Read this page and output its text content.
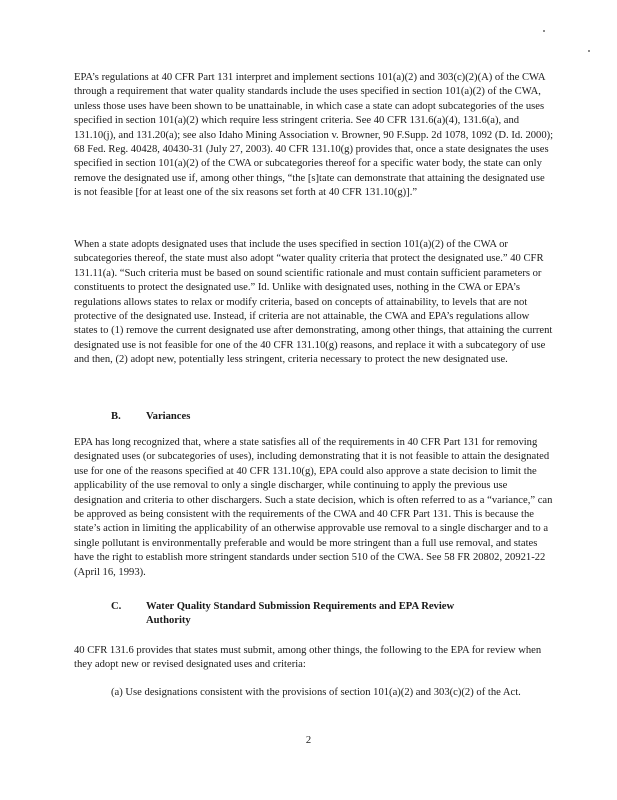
EPA’s regulations at 40 CFR Part 131 interpret and implement sections 101(a)(2) and 303(c)(2)(A) of the CWA through a requirement that water quality standards include the uses specified in section 101(a)(2) of the CWA, unless those uses have been shown to be unattainable, in which case a state can adopt subcategories of the uses specified in section 101(a)(2) which require less stringent criteria. See 40 CFR 131.6(a)(4), 131.6(a), and 131.10(j), and 131.20(a); see also Idaho Mining Association v. Browner, 90 F.Supp. 2d 1078, 1092 (D. Id. 2000); 68 Fed. Reg. 40428, 40430-31 (July 27, 2003). 40 CFR 131.10(g) provides that, once a state designates the uses specified in section 101(a)(2) of the CWA or subcategories thereof for a specific water body, the state can only remove the designated use if, among other things, “the [s]tate can demonstrate that attaining the designated use is not feasible [for at least one of the six reasons set forth at 40 CFR 131.10(g)].”

When a state adopts designated uses that include the uses specified in section 101(a)(2) of the CWA or subcategories thereof, the state must also adopt “water quality criteria that protect the designated use.” 40 CFR 131.11(a). “Such criteria must be based on sound scientific rationale and must contain sufficient parameters or constituents to protect the designated use.” Id. Unlike with designated uses, nothing in the CWA or EPA’s regulations allows states to relax or modify criteria, based on concepts of attainability, to levels that are not protective of the designated use. Instead, if criteria are not attainable, the CWA and EPA’s regulations allow states to (1) remove the current designated use after demonstrating, among other things, that attaining the current designated use is not feasible for one of the 40 CFR 131.10(g) reasons, and replace it with a subcategory of use and then, (2) adopt new, potentially less stringent, criteria necessary to protect the new designated use.

B. Variances

EPA has long recognized that, where a state satisfies all of the requirements in 40 CFR Part 131 for removing designated uses (or subcategories of uses), including demonstrating that it is not feasible to attain the designated use for one of the reasons specified at 40 CFR 131.10(g), EPA could also approve a state decision to limit the applicability of the use removal to only a single discharger, while continuing to apply the previous use designation and criteria to other dischargers. Such a state decision, which is often referred to as a “variance,” can be approved as being consistent with the requirements of the CWA and 40 CFR Part 131. This is because the state’s action in limiting the applicability of an otherwise approvable use removal to a single discharger and to a single pollutant is environmentally preferable and would be more stringent than a full use removal, and states have the right to establish more stringent standards under section 510 of the CWA. See 58 FR 20802, 20921-22 (April 16, 1993).

C. Water Quality Standard Submission Requirements and EPA Review
Authority

40 CFR 131.6 provides that states must submit, among other things, the following to the EPA for review when they adopt new or revised designated uses and criteria:

(a) Use designations consistent with the provisions of section 101(a)(2) and 303(c)(2) of the Act.

2
